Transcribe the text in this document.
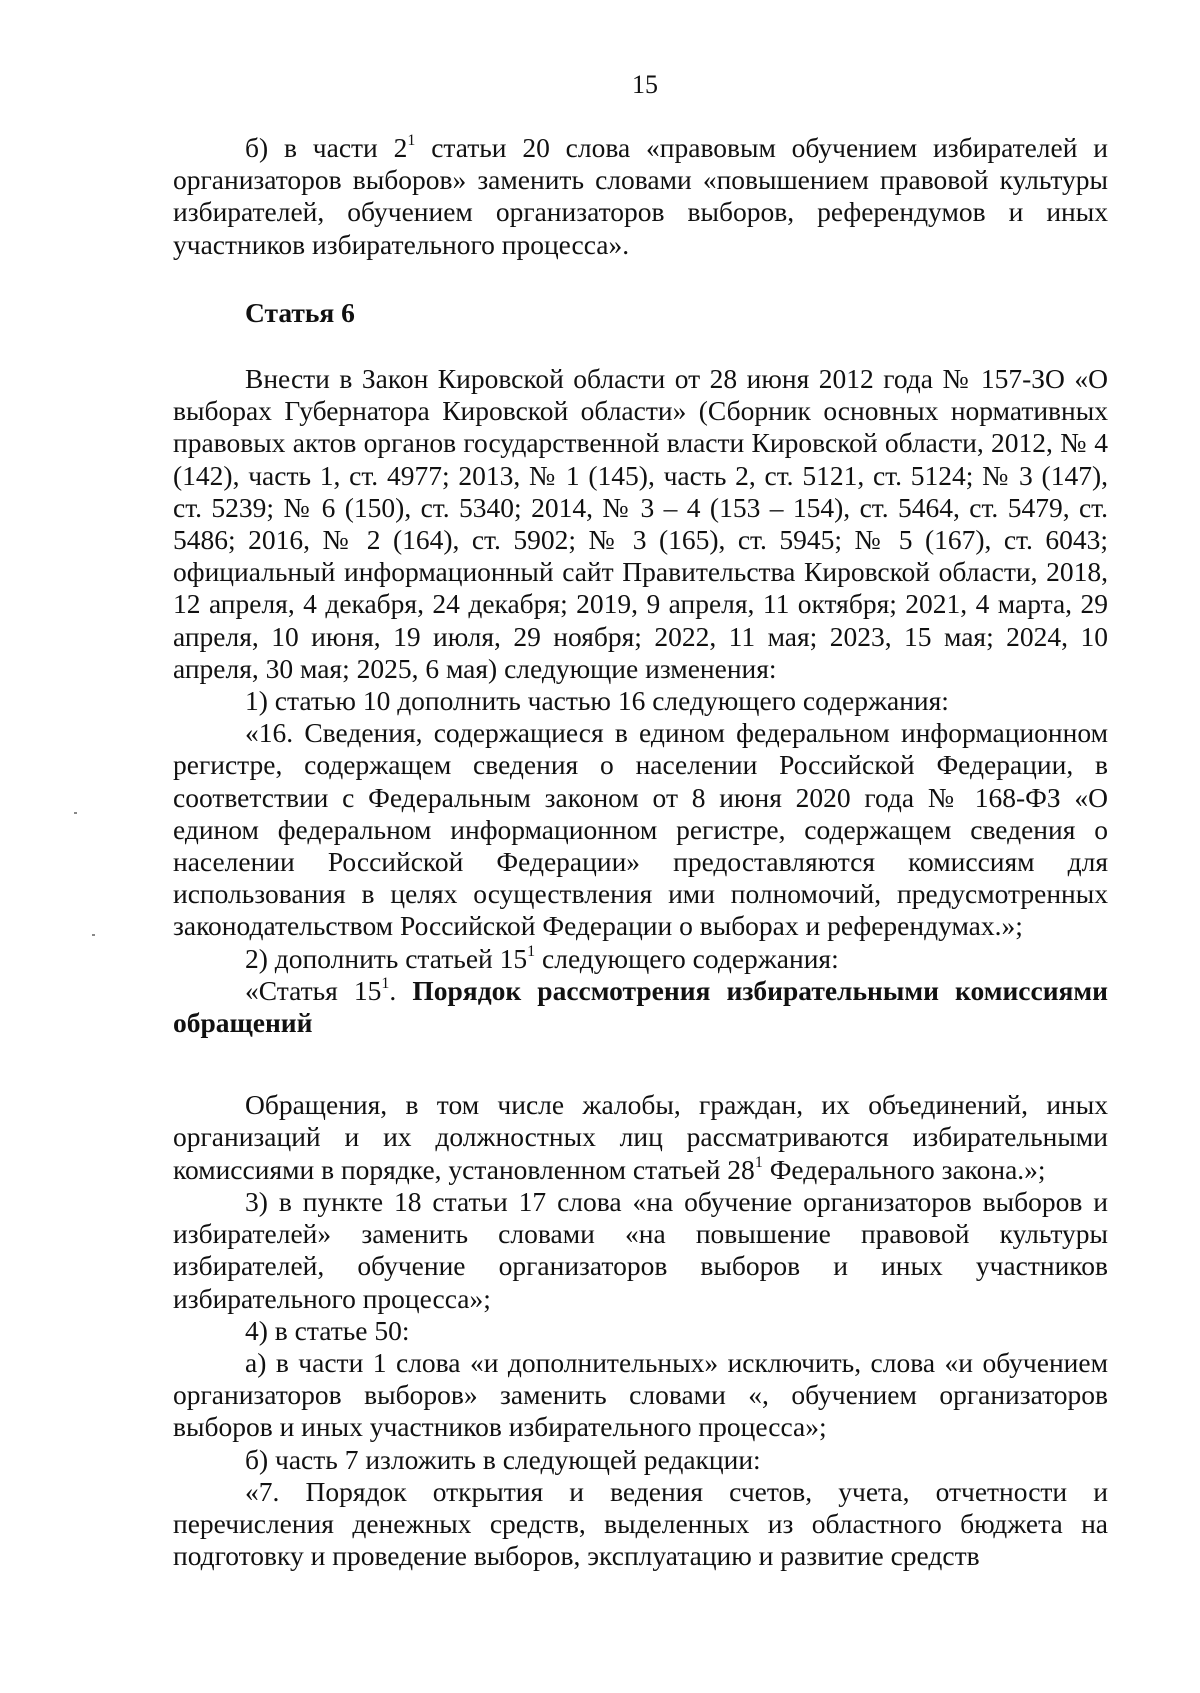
15

б) в части $2^1$ статьи 20 слова «правовым обучением избирателей и организаторов выборов» заменить словами «повышением правовой культуры избирателей, обучением организаторов выборов, референдумов и иных участников избирательного процесса».

Статья 6

Внести в Закон Кировской области от 28 июня 2012 года № 157-ЗО «О выборах Губернатора Кировской области» (Сборник основных нормативных правовых актов органов государственной власти Кировской области, 2012, № 4 (142), часть 1, ст. 4977; 2013, № 1 (145), часть 2, ст. 5121, ст. 5124; № 3 (147), ст. 5239; № 6 (150), ст. 5340; 2014, № 3 – 4 (153 – 154), ст. 5464, ст. 5479, ст. 5486; 2016, № 2 (164), ст. 5902; № 3 (165), ст. 5945; № 5 (167), ст. 6043; официальный информационный сайт Правительства Кировской области, 2018, 12 апреля, 4 декабря, 24 декабря; 2019, 9 апреля, 11 октября; 2021, 4 марта, 29 апреля, 10 июня, 19 июля, 29 ноября; 2022, 11 мая; 2023, 15 мая; 2024, 10 апреля, 30 мая; 2025, 6 мая) следующие изменения:

1) статью 10 дополнить частью 16 следующего содержания:

«16. Сведения, содержащиеся в едином федеральном информационном регистре, содержащем сведения о населении Российской Федерации, в соответствии с Федеральным законом от 8 июня 2020 года № 168-ФЗ «О едином федеральном информационном регистре, содержащем сведения о населении Российской Федерации» предоставляются комиссиям для использования в целях осуществления ими полномочий, предусмотренных законодательством Российской Федерации о выборах и референдумах.»;

2) дополнить статьей $15^1$ следующего содержания:

«Статья $15^1$. Порядок рассмотрения избирательными комиссиями обращений

Обращения, в том числе жалобы, граждан, их объединений, иных организаций и их должностных лиц рассматриваются избирательными комиссиями в порядке, установленном статьей $28^1$ Федерального закона.»;

3) в пункте 18 статьи 17 слова «на обучение организаторов выборов и избирателей» заменить словами «на повышение правовой культуры избирателей, обучение организаторов выборов и иных участников избирательного процесса»;

4) в статье 50:

а) в части 1 слова «и дополнительных» исключить, слова «и обучением организаторов выборов» заменить словами «, обучением организаторов выборов и иных участников избирательного процесса»;

б) часть 7 изложить в следующей редакции:

«7. Порядок открытия и ведения счетов, учета, отчетности и перечисления денежных средств, выделенных из областного бюджета на подготовку и проведение выборов, эксплуатацию и развитие средств
